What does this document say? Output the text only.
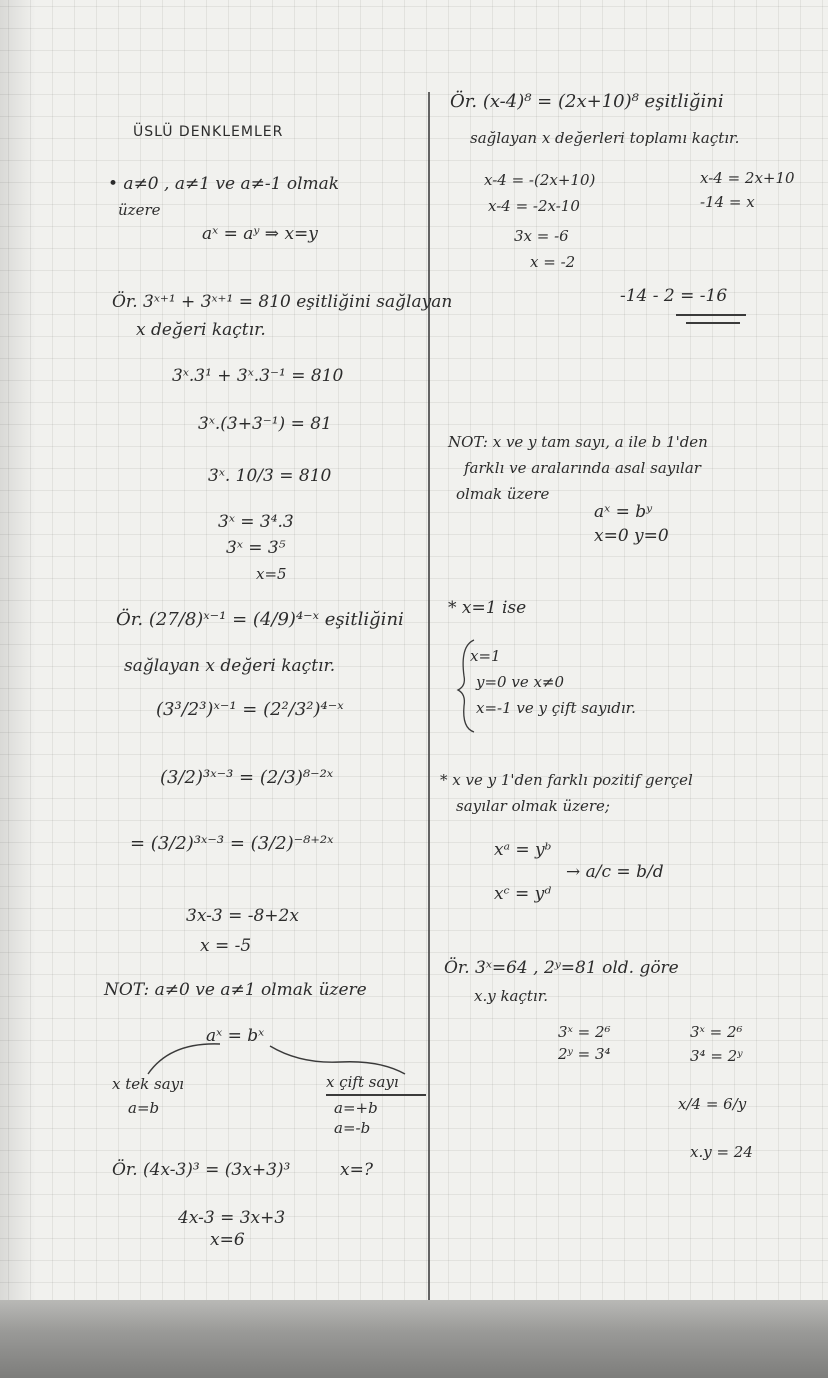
ÜSLÜ DENKLEMLER
• a≠0 , a≠1 ve a≠-1 olmak
üzere
aˣ = aʸ ⇒ x=y
Ör. 3ˣ⁺¹ + 3ˣ⁺¹ = 810 eşitliğini sağlayan
x değeri kaçtır.
3ˣ.3¹ + 3ˣ.3⁻¹ = 810
3ˣ.(3+3⁻¹) = 81
3ˣ. 10/3 = 810
3ˣ = 3⁴.3
3ˣ = 3⁵
x=5
Ör. (27/8)ˣ⁻¹ = (4/9)⁴⁻ˣ eşitliğini
sağlayan x değeri kaçtır.
(3³/2³)ˣ⁻¹ = (2²/3²)⁴⁻ˣ
(3/2)³ˣ⁻³ = (2/3)⁸⁻²ˣ
= (3/2)³ˣ⁻³ = (3/2)⁻⁸⁺²ˣ
3x-3 = -8+2x
x = -5
NOT: a≠0 ve a≠1 olmak üzere
aˣ = bˣ
x tek sayı
a=b
x çift sayı
a=+b
a=-b
Ör. (4x-3)³ = (3x+3)³	x=?
4x-3 = 3x+3
x=6
Ör. (x-4)⁸ = (2x+10)⁸ eşitliğini
sağlayan x değerleri toplamı kaçtır.
x-4 = -(2x+10)
x-4 = -2x-10
3x = -6
x = -2
x-4 = 2x+10
-14 = x
-14 - 2 = -16
NOT: x ve y tam sayı, a ile b 1'den
farklı ve aralarında asal sayılar
olmak üzere
aˣ = bʸ
x=0 y=0
* x=1 ise
x=1
y=0 ve x≠0
x=-1 ve y çift sayıdır.
* x ve y 1'den farklı pozitif gerçel
sayılar olmak üzere;
xᵃ = yᵇ
→ a/c = b/d
xᶜ = yᵈ
Ör. 3ˣ=64 , 2ʸ=81 old. göre
x.y kaçtır.
3ˣ = 2⁶
2ʸ = 3⁴
3ˣ = 2⁶
3⁴ = 2ʸ
x/4 = 6/y
x.y = 24
